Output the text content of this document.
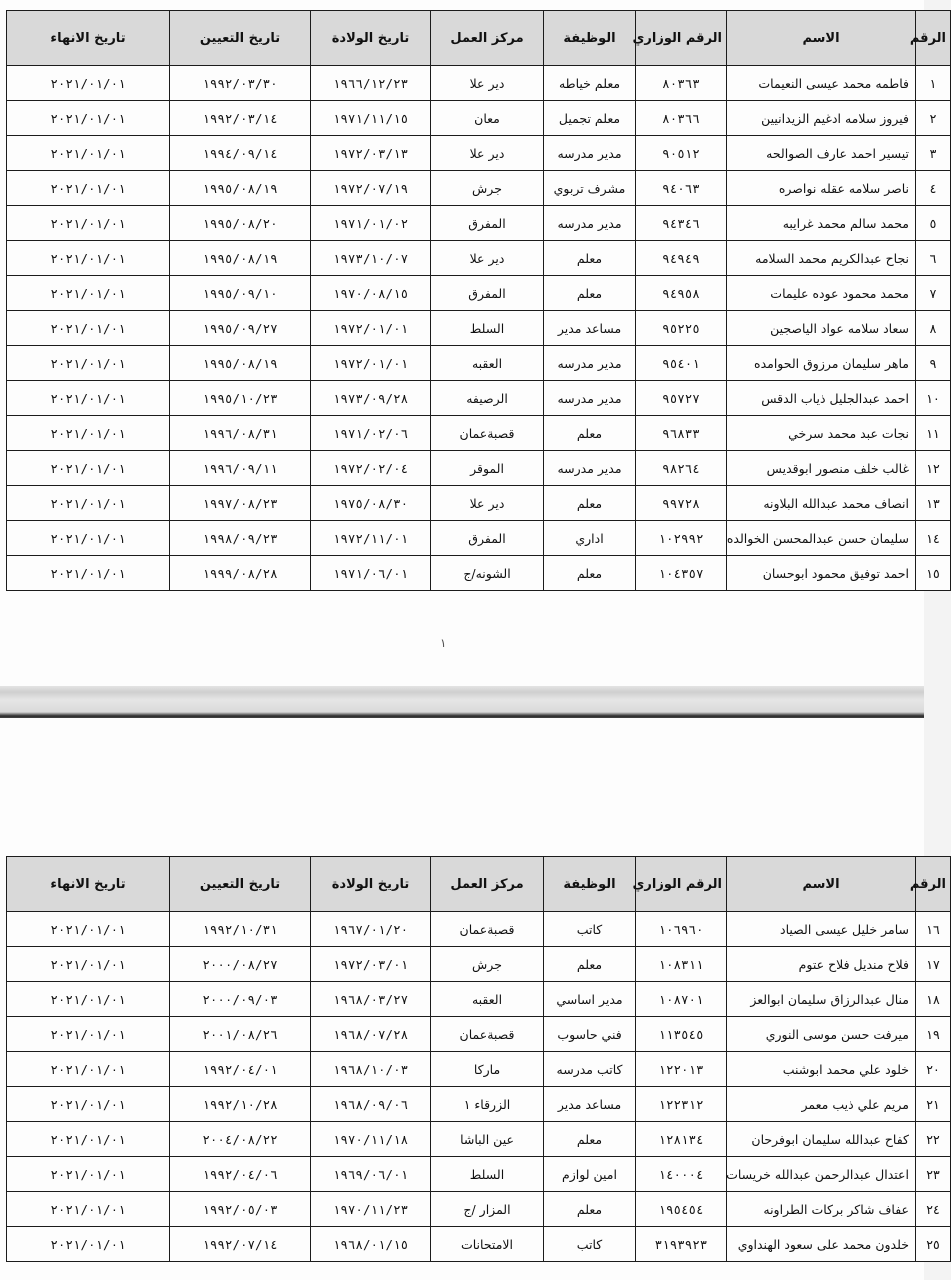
الرقم	الاسم	الرقم الوزاري	الوظيفة	مركز العمل	تاريخ الولادة	تاريخ التعيين	تاريخ الانهاء
١	فاطمه محمد عيسى النعيمات	٨٠٣٦٣	معلم خياطه	دير علا	١٩٦٦/١٢/٢٣	١٩٩٢/٠٣/٣٠	٢٠٢١/٠١/٠١
٢	فيروز سلامه ادغيم الزيدانيين	٨٠٣٦٦	معلم تجميل	معان	١٩٧١/١١/١٥	١٩٩٢/٠٣/١٤	٢٠٢١/٠١/٠١
٣	تيسير احمد عارف الصوالحه	٩٠٥١٢	مدير مدرسه	دير علا	١٩٧٢/٠٣/١٣	١٩٩٤/٠٩/١٤	٢٠٢١/٠١/٠١
٤	ناصر سلامه عقله نواصره	٩٤٠٦٣	مشرف تربوي	جرش	١٩٧٢/٠٧/١٩	١٩٩٥/٠٨/١٩	٢٠٢١/٠١/٠١
٥	محمد سالم محمد غرايبه	٩٤٣٤٦	مدير مدرسه	المفرق	١٩٧١/٠١/٠٢	١٩٩٥/٠٨/٢٠	٢٠٢١/٠١/٠١
٦	نجاح عبدالكريم محمد السلامه	٩٤٩٤٩	معلم	دير علا	١٩٧٣/١٠/٠٧	١٩٩٥/٠٨/١٩	٢٠٢١/٠١/٠١
٧	محمد محمود عوده عليمات	٩٤٩٥٨	معلم	المفرق	١٩٧٠/٠٨/١٥	١٩٩٥/٠٩/١٠	٢٠٢١/٠١/٠١
٨	سعاد سلامه عواد الياصجين	٩٥٢٢٥	مساعد مدير	السلط	١٩٧٢/٠١/٠١	١٩٩٥/٠٩/٢٧	٢٠٢١/٠١/٠١
٩	ماهر سليمان مرزوق الحوامده	٩٥٤٠١	مدير مدرسه	العقبه	١٩٧٢/٠١/٠١	١٩٩٥/٠٨/١٩	٢٠٢١/٠١/٠١
١٠	احمد عبدالجليل ذياب الدقس	٩٥٧٢٧	مدير مدرسه	الرصيفه	١٩٧٣/٠٩/٢٨	١٩٩٥/١٠/٢٣	٢٠٢١/٠١/٠١
١١	نجات عبد محمد سرخي	٩٦٨٣٣	معلم	قصبةعمان	١٩٧١/٠٢/٠٦	١٩٩٦/٠٨/٣١	٢٠٢١/٠١/٠١
١٢	غالب خلف منصور ابوقديس	٩٨٢٦٤	مدير مدرسه	الموقر	١٩٧٢/٠٢/٠٤	١٩٩٦/٠٩/١١	٢٠٢١/٠١/٠١
١٣	انصاف محمد عبدالله البلاونه	٩٩٧٢٨	معلم	دير علا	١٩٧٥/٠٨/٣٠	١٩٩٧/٠٨/٢٣	٢٠٢١/٠١/٠١
١٤	سليمان حسن عبدالمحسن الخوالده	١٠٢٩٩٢	اداري	المفرق	١٩٧٢/١١/٠١	١٩٩٨/٠٩/٢٣	٢٠٢١/٠١/٠١
١٥	احمد توفيق محمود ابوحسان	١٠٤٣٥٧	معلم	الشونه/ج	١٩٧١/٠٦/٠١	١٩٩٩/٠٨/٢٨	٢٠٢١/٠١/٠١
١
الرقم	الاسم	الرقم الوزاري	الوظيفة	مركز العمل	تاريخ الولادة	تاريخ التعيين	تاريخ الانهاء
١٦	سامر خليل عيسى الصياد	١٠٦٩٦٠	كاتب	قصبةعمان	١٩٦٧/٠١/٢٠	١٩٩٢/١٠/٣١	٢٠٢١/٠١/٠١
١٧	فلاح منديل فلاح عتوم	١٠٨٣١١	معلم	جرش	١٩٧٢/٠٣/٠١	٢٠٠٠/٠٨/٢٧	٢٠٢١/٠١/٠١
١٨	منال عبدالرزاق سليمان ابوالعز	١٠٨٧٠١	مدير اساسي	العقبه	١٩٦٨/٠٣/٢٧	٢٠٠٠/٠٩/٠٣	٢٠٢١/٠١/٠١
١٩	ميرفت حسن موسى النوري	١١٣٥٤٥	فني حاسوب	قصبةعمان	١٩٦٨/٠٧/٢٨	٢٠٠١/٠٨/٢٦	٢٠٢١/٠١/٠١
٢٠	خلود علي محمد ابوشنب	١٢٢٠١٣	كاتب مدرسه	ماركا	١٩٦٨/١٠/٠٣	١٩٩٢/٠٤/٠١	٢٠٢١/٠١/٠١
٢١	مريم علي ذيب معمر	١٢٢٣١٢	مساعد مدير	الزرقاء ١	١٩٦٨/٠٩/٠٦	١٩٩٢/١٠/٢٨	٢٠٢١/٠١/٠١
٢٢	كفاح عبدالله سليمان ابوفرحان	١٢٨١٣٤	معلم	عين الباشا	١٩٧٠/١١/١٨	٢٠٠٤/٠٨/٢٢	٢٠٢١/٠١/٠١
٢٣	اعتدال عبدالرحمن عبدالله خريسات	١٤٠٠٠٤	امين لوازم	السلط	١٩٦٩/٠٦/٠١	١٩٩٢/٠٤/٠٦	٢٠٢١/٠١/٠١
٢٤	عفاف شاكر بركات الطراونه	١٩٥٤٥٤	معلم	المزار /ج	١٩٧٠/١١/٢٣	١٩٩٢/٠٥/٠٣	٢٠٢١/٠١/٠١
٢٥	خلدون محمد على سعود الهنداوي	٣١٩٣٩٢٣	كاتب	الامتحانات	١٩٦٨/٠١/١٥	١٩٩٢/٠٧/١٤	٢٠٢١/٠١/٠١
